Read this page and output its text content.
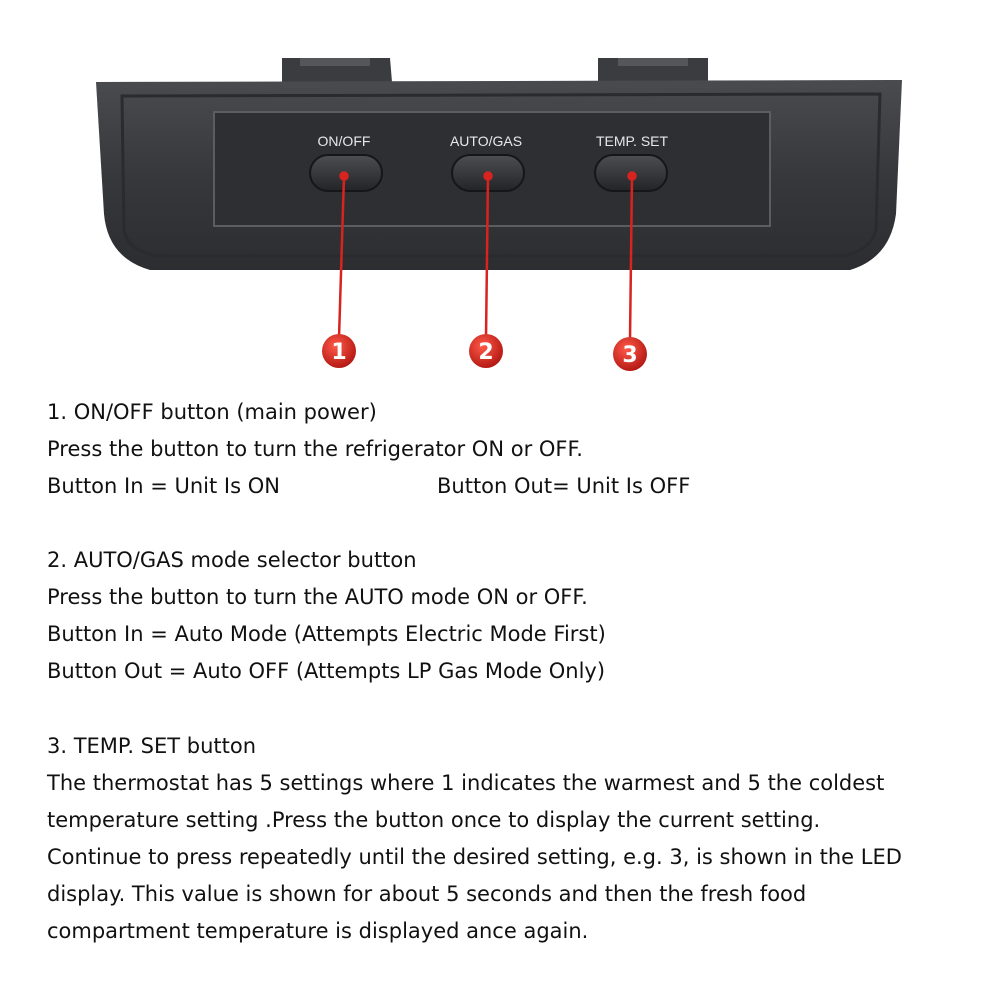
ON/OFF	AUTO/GAS	TEMP. SET
1	2	3
1. ON/OFF button (main power)
Press the button to turn the refrigerator ON or OFF.
Button In = Unit Is ON	Button Out= Unit Is OFF
2. AUTO/GAS mode selector button
Press the button to turn the AUTO mode ON or OFF.
Button In = Auto Mode (Attempts Electric Mode First)
Button Out = Auto OFF (Attempts LP Gas Mode Only)
3. TEMP. SET button
The thermostat has 5 settings where 1 indicates the warmest and 5 the coldest
temperature setting .Press the button once to display the current setting.
Continue to press repeatedly until the desired setting, e.g. 3, is shown in the LED
display. This value is shown for about 5 seconds and then the fresh food
compartment temperature is displayed ance again.
